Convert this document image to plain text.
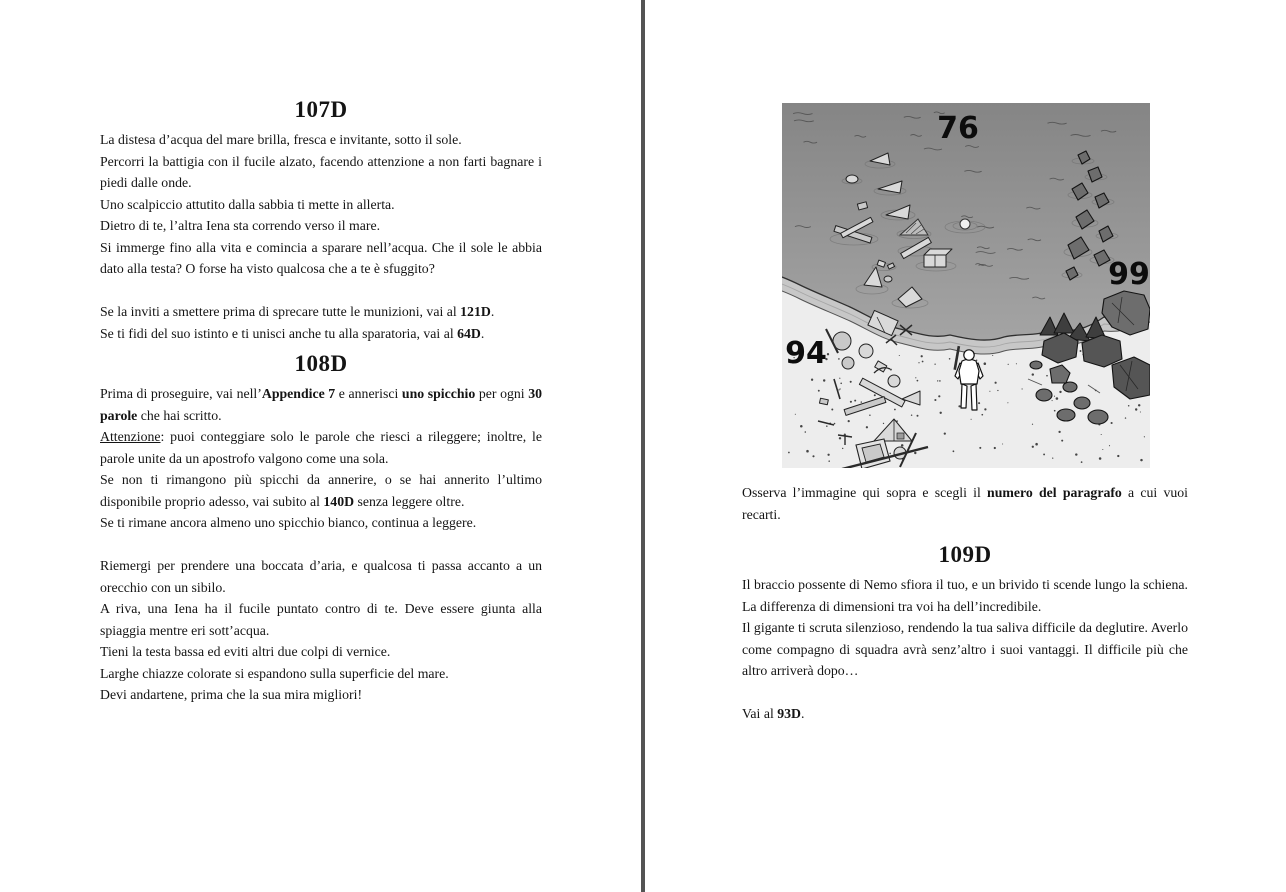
107D

La distesa d’acqua del mare brilla, fresca e invitante, sotto il sole.

Percorri la battigia con il fucile alzato, facendo attenzione a non farti bagnare i piedi dalle onde.

Uno scalpiccio attutito dalla sabbia ti mette in allerta.

Dietro di te, l’altra Iena sta correndo verso il mare.

Si immerge fino alla vita e comincia a sparare nell’acqua. Che il sole le abbia dato alla testa? O forse ha visto qualcosa che a te è sfuggito?

Se la inviti a smettere prima di sprecare tutte le munizioni, vai al 121D.

Se ti fidi del suo istinto e ti unisci anche tu alla sparatoria, vai al 64D.

108D

Prima di proseguire, vai nell’Appendice 7 e annerisci uno spicchio per ogni 30 parole che hai scritto.

Attenzione: puoi conteggiare solo le parole che riesci a rileggere; inoltre, le parole unite da un apostrofo valgono come una sola.

Se non ti rimangono più spicchi da annerire, o se hai annerito l’ultimo disponibile proprio adesso, vai subito al 140D senza leggere oltre.

Se ti rimane ancora almeno uno spicchio bianco, continua a leggere.

Riemergi per prendere una boccata d’aria, e qualcosa ti passa accanto a un orecchio con un sibilo.

A riva, una Iena ha il fucile puntato contro di te. Deve essere giunta alla spiaggia mentre eri sott’acqua.

Tieni la testa bassa ed eviti altri due colpi di vernice.

Larghe chiazze colorate si espandono sulla superficie del mare.

Devi andartene, prima che la sua mira migliori!

76
99
94

Osserva l’immagine qui sopra e scegli il numero del paragrafo a cui vuoi recarti.

109D

Il braccio possente di Nemo sfiora il tuo, e un brivido ti scende lungo la schiena. La differenza di dimensioni tra voi ha dell’incredibile.

Il gigante ti scruta silenzioso, rendendo la tua saliva difficile da deglutire. Averlo come compagno di squadra avrà senz’altro i suoi vantaggi. Il difficile più che altro arriverà dopo…

Vai al 93D.
